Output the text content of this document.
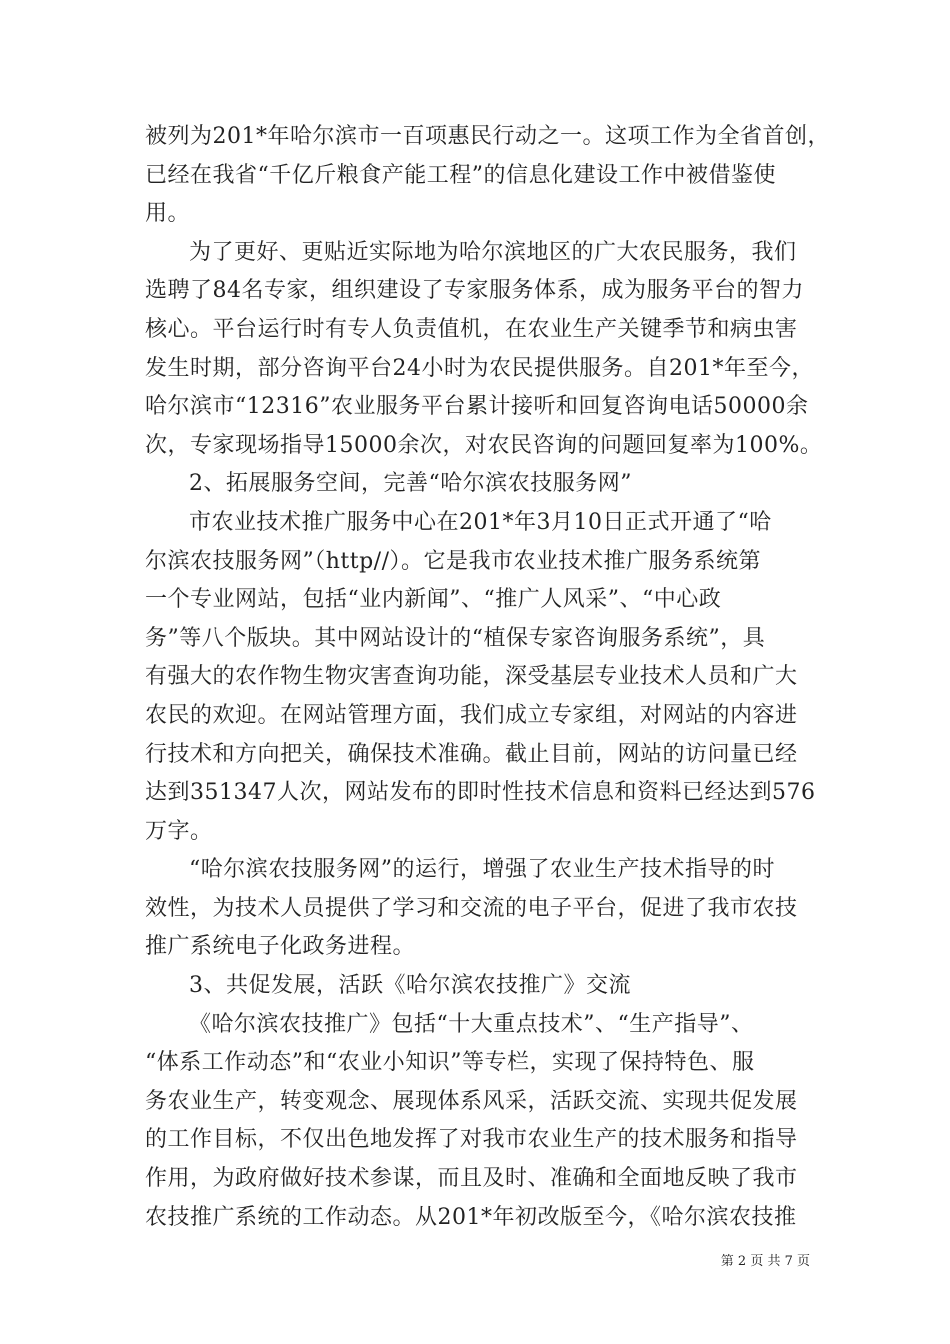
被列为201*年哈尔滨市一百项惠民行动之一。这项工作为全省首创，
已经在我省“千亿斤粮食产能工程”的信息化建设工作中被借鉴使
用。
为了更好、更贴近实际地为哈尔滨地区的广大农民服务，我们
选聘了84名专家，组织建设了专家服务体系，成为服务平台的智力
核心。平台运行时有专人负责值机，在农业生产关键季节和病虫害
发生时期，部分咨询平台24小时为农民提供服务。自201*年至今，
哈尔滨市“12316”农业服务平台累计接听和回复咨询电话50000余
次，专家现场指导15000余次，对农民咨询的问题回复率为100%。
2、拓展服务空间，完善“哈尔滨农技服务网”
市农业技术推广服务中心在201*年3月10日正式开通了“哈
尔滨农技服务网”（http//）。它是我市农业技术推广服务系统第
一个专业网站，包括“业内新闻”、“推广人风采”、“中心政
务”等八个版块。其中网站设计的“植保专家咨询服务系统”，具
有强大的农作物生物灾害查询功能，深受基层专业技术人员和广大
农民的欢迎。在网站管理方面，我们成立专家组，对网站的内容进
行技术和方向把关，确保技术准确。截止目前，网站的访问量已经
达到351347人次，网站发布的即时性技术信息和资料已经达到576
万字。
“哈尔滨农技服务网”的运行，增强了农业生产技术指导的时
效性，为技术人员提供了学习和交流的电子平台，促进了我市农技
推广系统电子化政务进程。
3、共促发展，活跃《哈尔滨农技推广》交流
《哈尔滨农技推广》包括“十大重点技术”、“生产指导”、
“体系工作动态”和“农业小知识”等专栏，实现了保持特色、服
务农业生产，转变观念、展现体系风采，活跃交流、实现共促发展
的工作目标，不仅出色地发挥了对我市农业生产的技术服务和指导
作用，为政府做好技术参谋，而且及时、准确和全面地反映了我市
农技推广系统的工作动态。从201*年初改版至今，《哈尔滨农技推
第 2 页 共 7 页
